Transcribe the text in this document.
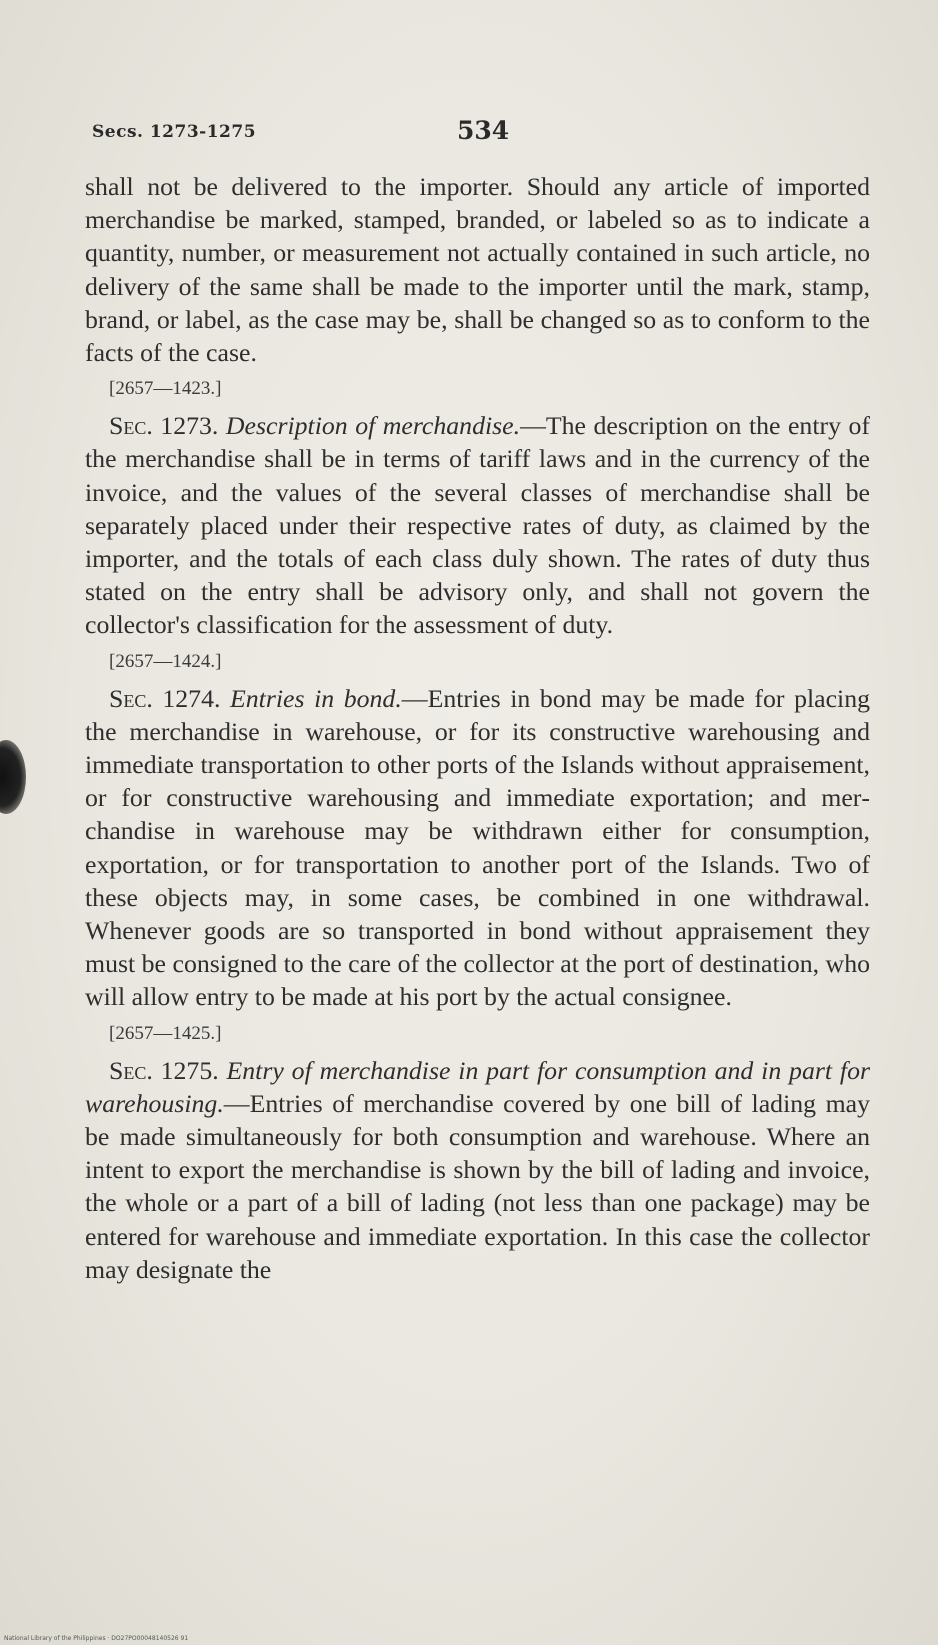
Secs. 1273-1275	534

shall not be delivered to the importer. Should any article of imported merchandise be marked, stamped, branded, or labeled so as to indicate a quantity, number, or measurement not actually contained in such article, no delivery of the same shall be made to the importer until the mark, stamp, brand, or label, as the case may be, shall be changed so as to conform to the facts of the case.

[2657—1423.]

Sec. 1273. Description of merchandise.—The description on the entry of the merchandise shall be in terms of tariff laws and in the currency of the invoice, and the values of the several classes of merchandise shall be separately placed under their respective rates of duty, as claimed by the importer, and the totals of each class duly shown. The rates of duty thus stated on the entry shall be advisory only, and shall not govern the collector's classification for the assessment of duty.

[2657—1424.]

Sec. 1274. Entries in bond.—Entries in bond may be made for placing the merchandise in warehouse, or for its constructive warehousing and immediate transportation to other ports of the Islands without appraisement, or for constructive warehousing and immediate exportation; and merchandise in warehouse may be withdrawn either for consumption, exportation, or for transportation to another port of the Islands. Two of these objects may, in some cases, be combined in one withdrawal. Whenever goods are so transported in bond without appraisement they must be consigned to the care of the collector at the port of destination, who will allow entry to be made at his port by the actual consignee.

[2657—1425.]

Sec. 1275. Entry of merchandise in part for consumption and in part for warehousing.—Entries of merchandise covered by one bill of lading may be made simultaneously for both consumption and warehouse. Where an intent to export the merchandise is shown by the bill of lading and invoice, the whole or a part of a bill of lading (not less than one package) may be entered for warehouse and immediate exportation. In this case the collector may designate the

National Library of the Philippines · DO27PO00048140526 91
